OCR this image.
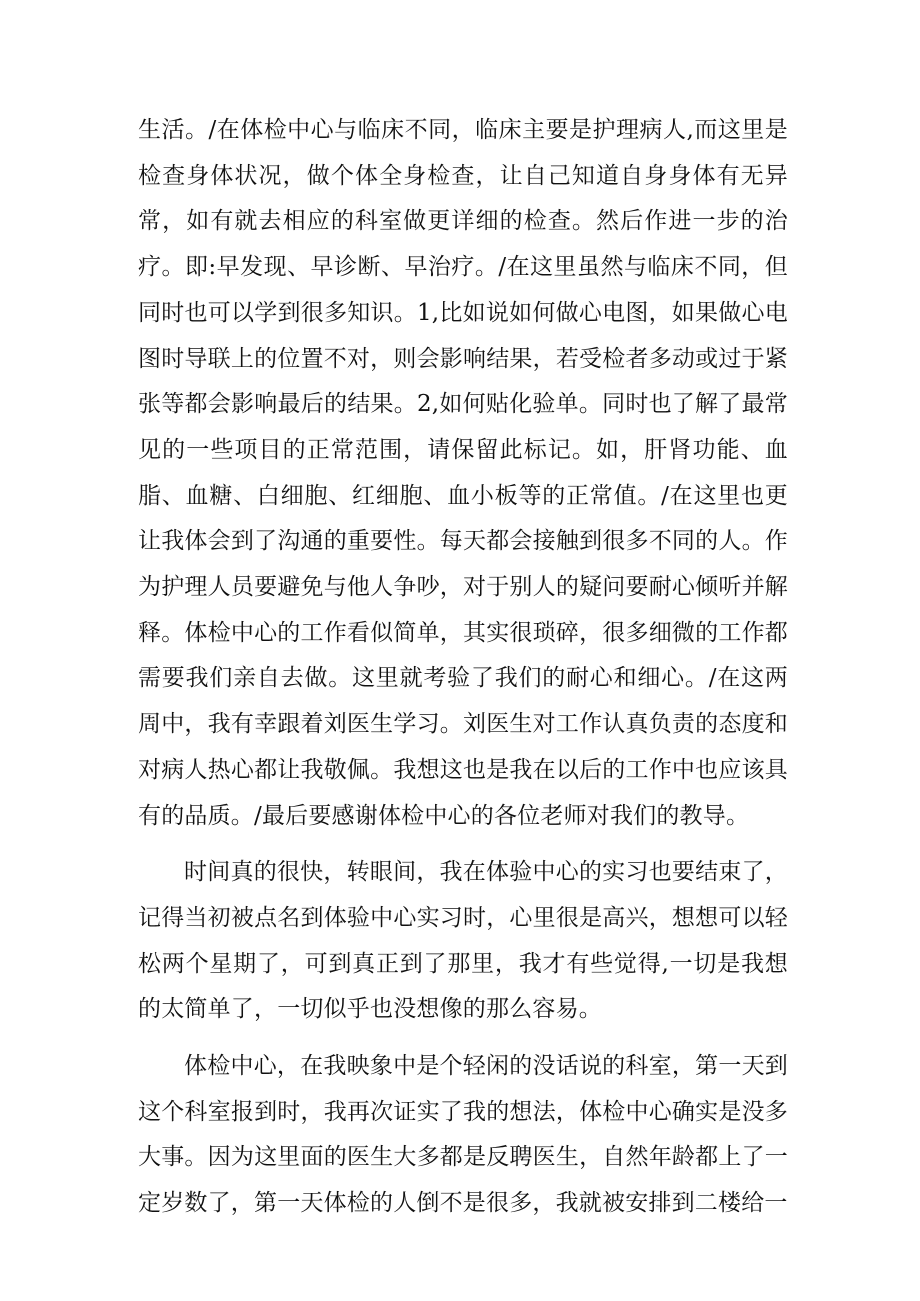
生活。/在体检中心与临床不同，临床主要是护理病人,而这里是检查身体状况，做个体全身检查，让自己知道自身身体有无异常，如有就去相应的科室做更详细的检查。然后作进一步的治疗。即:早发现、早诊断、早治疗。/在这里虽然与临床不同，但同时也可以学到很多知识。1,比如说如何做心电图，如果做心电图时导联上的位置不对，则会影响结果，若受检者多动或过于紧张等都会影响最后的结果。2,如何贴化验单。同时也了解了最常见的一些项目的正常范围，请保留此标记。如，肝肾功能、血脂、血糖、白细胞、红细胞、血小板等的正常值。/在这里也更让我体会到了沟通的重要性。每天都会接触到很多不同的人。作为护理人员要避免与他人争吵，对于别人的疑问要耐心倾听并解释。体检中心的工作看似简单，其实很琐碎，很多细微的工作都需要我们亲自去做。这里就考验了我们的耐心和细心。/在这两周中，我有幸跟着刘医生学习。刘医生对工作认真负责的态度和对病人热心都让我敬佩。我想这也是我在以后的工作中也应该具有的品质。/最后要感谢体检中心的各位老师对我们的教导。

时间真的很快，转眼间，我在体验中心的实习也要结束了，记得当初被点名到体验中心实习时，心里很是高兴，想想可以轻松两个星期了，可到真正到了那里，我才有些觉得,一切是我想的太简单了，一切似乎也没想像的那么容易。

体检中心，在我映象中是个轻闲的没话说的科室，第一天到这个科室报到时，我再次证实了我的想法，体检中心确实是没多大事。因为这里面的医生大多都是反聘医生，自然年龄都上了一定岁数了，第一天体检的人倒不是很多，我就被安排到二楼给一
